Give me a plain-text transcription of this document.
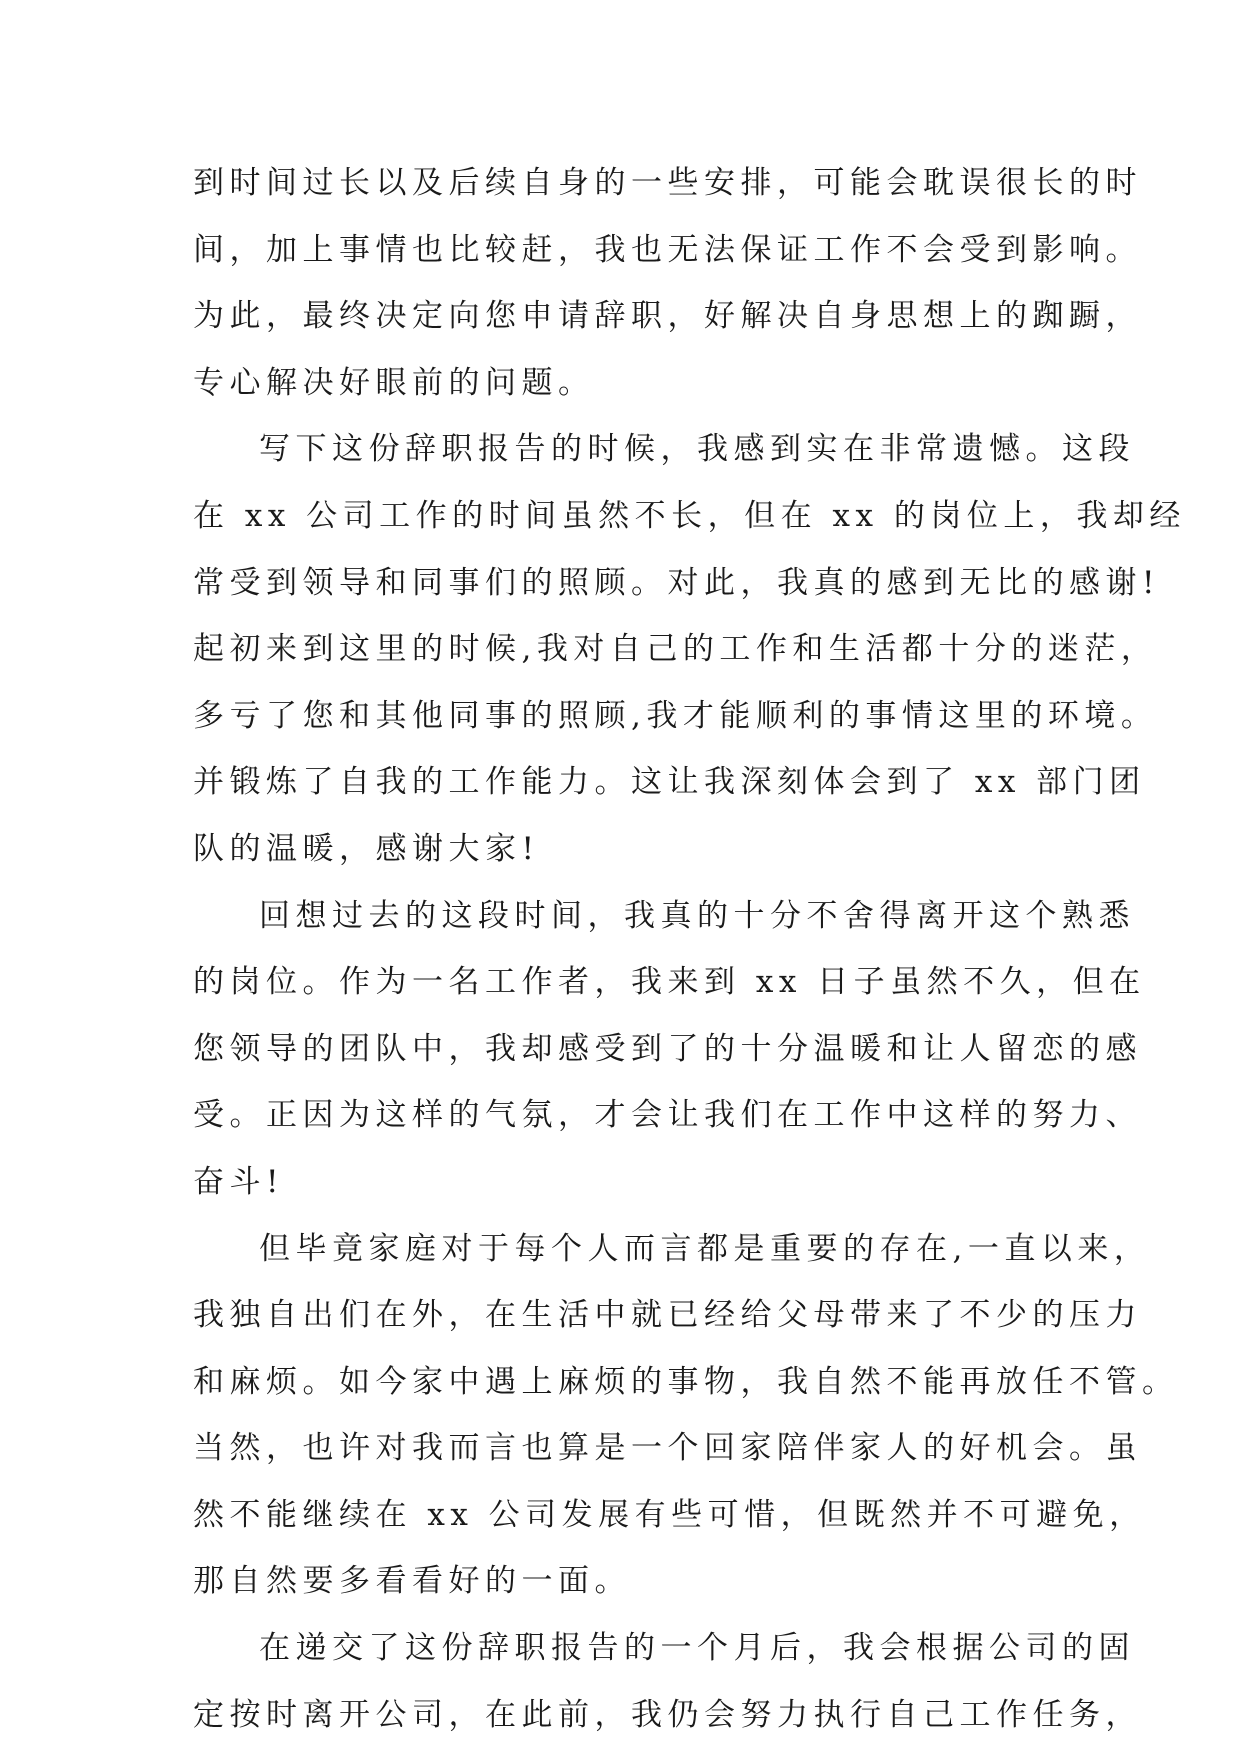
到时间过长以及后续自身的一些安排，可能会耽误很长的时
间，加上事情也比较赶，我也无法保证工作不会受到影响。
为此，最终决定向您申请辞职，好解决自身思想上的踟蹰，
专心解决好眼前的问题。
写下这份辞职报告的时候，我感到实在非常遗憾。这段
在 xx 公司工作的时间虽然不长，但在 xx 的岗位上，我却经
常受到领导和同事们的照顾。对此，我真的感到无比的感谢!
起初来到这里的时候,我对自己的工作和生活都十分的迷茫，
多亏了您和其他同事的照顾,我才能顺利的事情这里的环境。
并锻炼了自我的工作能力。这让我深刻体会到了 xx 部门团
队的温暖，感谢大家!
回想过去的这段时间，我真的十分不舍得离开这个熟悉
的岗位。作为一名工作者，我来到 xx 日子虽然不久，但在
您领导的团队中，我却感受到了的十分温暖和让人留恋的感
受。正因为这样的气氛，才会让我们在工作中这样的努力、
奋斗!
但毕竟家庭对于每个人而言都是重要的存在,一直以来，
我独自出们在外，在生活中就已经给父母带来了不少的压力
和麻烦。如今家中遇上麻烦的事物，我自然不能再放任不管。
当然，也许对我而言也算是一个回家陪伴家人的好机会。虽
然不能继续在 xx 公司发展有些可惜，但既然并不可避免，
那自然要多看看好的一面。
在递交了这份辞职报告的一个月后，我会根据公司的固
定按时离开公司，在此前，我仍会努力执行自己工作任务，
